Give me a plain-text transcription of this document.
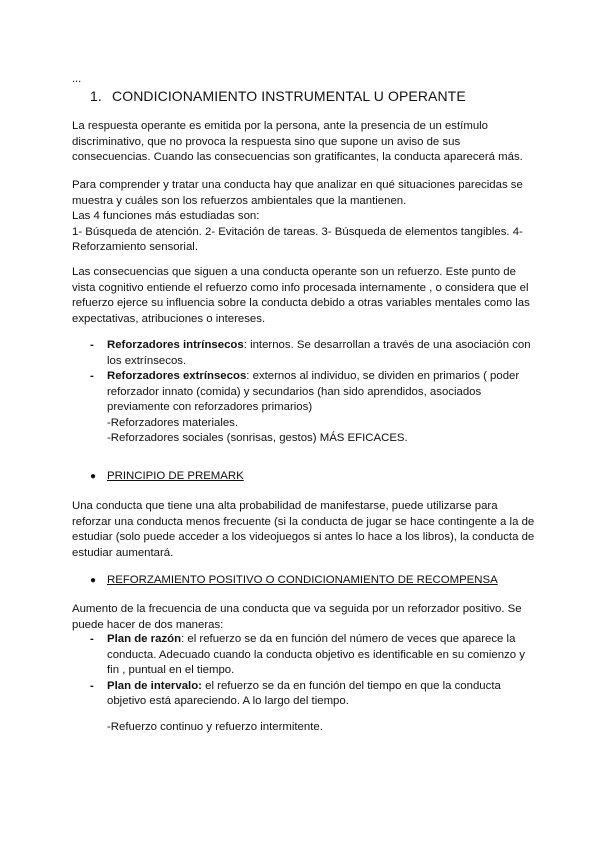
...
1. CONDICIONAMIENTO INSTRUMENTAL U OPERANTE

La respuesta operante es emitida por la persona, ante la presencia de un estímulo
discriminativo, que no provoca la respuesta sino que supone un aviso de sus
consecuencias. Cuando las consecuencias son gratificantes, la conducta aparecerá más.

Para comprender y tratar una conducta hay que analizar en qué situaciones parecidas se
muestra y cuáles son los refuerzos ambientales que la mantienen.
Las 4 funciones más estudiadas son:
1- Búsqueda de atención. 2- Evitación de tareas. 3- Búsqueda de elementos tangibles. 4-
Reforzamiento sensorial.

Las consecuencias que siguen a una conducta operante son un refuerzo. Este punto de
vista cognitivo entiende el refuerzo como info procesada internamente , o considera que el
refuerzo ejerce su influencia sobre la conducta debido a otras variables mentales como las
expectativas, atribuciones o intereses.

- Reforzadores intrínsecos: internos. Se desarrollan a través de una asociación con
los extrínsecos.
- Reforzadores extrínsecos: externos al individuo, se dividen en primarios ( poder
reforzador innato (comida) y secundarios (han sido aprendidos, asociados
previamente con reforzadores primarios)
-Reforzadores materiales.
-Reforzadores sociales (sonrisas, gestos) MÁS EFICACES.
● PRINCIPIO DE PREMARK

Una conducta que tiene una alta probabilidad de manifestarse, puede utilizarse para
reforzar una conducta menos frecuente (si la conducta de jugar se hace contingente a la de
estudiar (solo puede acceder a los videojuegos si antes lo hace a los libros), la conducta de
estudiar aumentará.

● REFORZAMIENTO POSITIVO O CONDICIONAMIENTO DE RECOMPENSA

Aumento de la frecuencia de una conducta que va seguida por un reforzador positivo. Se
puede hacer de dos maneras:

- Plan de razón: el refuerzo se da en función del número de veces que aparece la
conducta. Adecuado cuando la conducta objetivo es identificable en su comienzo y
fin , puntual en el tiempo.
- Plan de intervalo: el refuerzo se da en función del tiempo en que la conducta
objetivo está apareciendo. A lo largo del tiempo.
-Refuerzo continuo y refuerzo intermitente.
